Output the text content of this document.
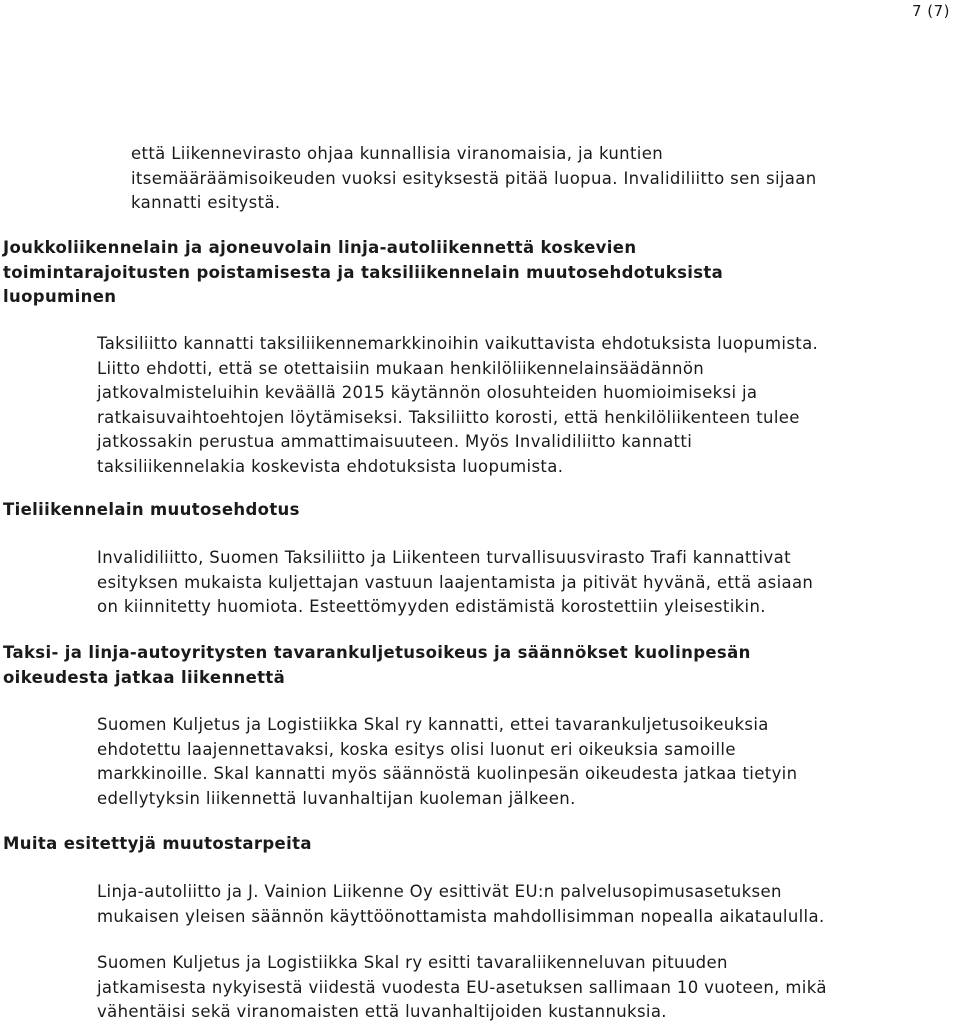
7 (7)
että Liikennevirasto ohjaa kunnallisia viranomaisia, ja kuntien
itsemääräämisoikeuden vuoksi esityksestä pitää luopua. Invalidiliitto sen sijaan
kannatti esitystä.
Joukkoliikennelain ja ajoneuvolain linja-autoliikennettä koskevien
toimintarajoitusten poistamisesta ja taksiliikennelain muutosehdotuksista
luopuminen
Taksiliitto kannatti taksiliikennemarkkinoihin vaikuttavista ehdotuksista luopumista.
Liitto ehdotti, että se otettaisiin mukaan henkilöliikennelainsäädännön
jatkovalmisteluihin keväällä 2015 käytännön olosuhteiden huomioimiseksi ja
ratkaisuvaihtoehtojen löytämiseksi. Taksiliitto korosti, että henkilöliikenteen tulee
jatkossakin perustua ammattimaisuuteen. Myös Invalidiliitto kannatti
taksiliikennelakia koskevista ehdotuksista luopumista.
Tieliikennelain muutosehdotus
Invalidiliitto, Suomen Taksiliitto ja Liikenteen turvallisuusvirasto Trafi kannattivat
esityksen mukaista kuljettajan vastuun laajentamista ja pitivät hyvänä, että asiaan
on kiinnitetty huomiota. Esteettömyyden edistämistä korostettiin yleisestikin.
Taksi- ja linja-autoyritysten tavarankuljetusoikeus ja säännökset kuolinpesän
oikeudesta jatkaa liikennettä
Suomen Kuljetus ja Logistiikka Skal ry kannatti, ettei tavarankuljetusoikeuksia
ehdotettu laajennettavaksi, koska esitys olisi luonut eri oikeuksia samoille
markkinoille. Skal kannatti myös säännöstä kuolinpesän oikeudesta jatkaa tietyin
edellytyksin liikennettä luvanhaltijan kuoleman jälkeen.
Muita esitettyjä muutostarpeita
Linja-autoliitto ja J. Vainion Liikenne Oy esittivät EU:n palvelusopimusasetuksen
mukaisen yleisen säännön käyttöönottamista mahdollisimman nopealla aikataululla.
Suomen Kuljetus ja Logistiikka Skal ry esitti tavaraliikenneluvan pituuden
jatkamisesta nykyisestä viidestä vuodesta EU-asetuksen sallimaan 10 vuoteen, mikä
vähentäisi sekä viranomaisten että luvanhaltijoiden kustannuksia.
